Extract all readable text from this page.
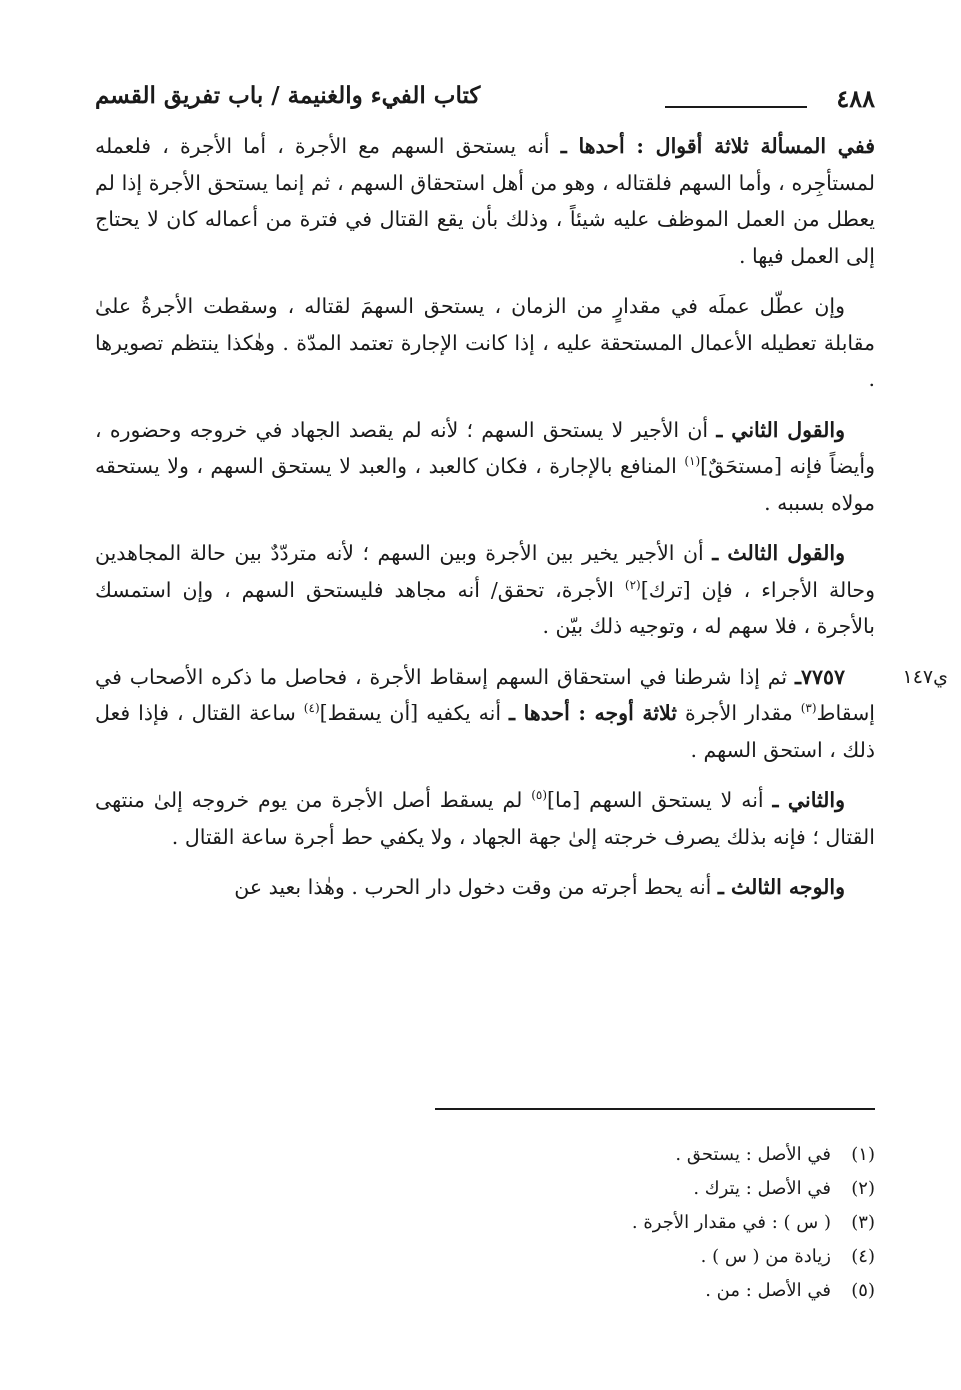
٤٨٨
كتاب الفيء والغنيمة / باب تفريق القسم

ففي المسألة ثلاثة أقوال : أحدها ـ أنه يستحق السهم مع الأجرة ، أما الأجرة ، فلعمله لمستأجِره ، وأما السهم فلقتاله ، وهو من أهل استحقاق السهم ، ثم إنما يستحق الأجرة إذا لم يعطل من العمل الموظف عليه شيئاً ، وذلك بأن يقع القتال في فترة من أعماله كان لا يحتاج إلى العمل فيها .

وإن عطّل عملَه في مقدارٍ من الزمان ، يستحق السهمَ لقتاله ، وسقطت الأجرةُ علىٰ مقابلة تعطيله الأعمال المستحقة عليه ، إذا كانت الإجارة تعتمد المدّة . وهٰكذا ينتظم تصويرها .

والقول الثاني ـ أن الأجير لا يستحق السهم ؛ لأنه لم يقصد الجهاد في خروجه وحضوره ، وأيضاً فإنه [مستحَقٌ]$^{(١)}$ المنافع بالإجارة ، فكان كالعبد ، والعبد لا يستحق السهم ، ولا يستحقه مولاه بسببه .

والقول الثالث ـ أن الأجير يخير بين الأجرة وبين السهم ؛ لأنه متردّدٌ بين حالة المجاهدين وحالة الأجراء ، فإن [ترك]$^{(٢)}$ الأجرة، تحقق/ أنه مجاهد فليستحق السهم ، وإن استمسك بالأجرة ، فلا سهم له ، وتوجيه ذلك بيّن .

٧٧٥٧ـ ثم إذا شرطنا في استحقاق السهم إسقاط الأجرة ، فحاصل ما ذكره الأصحاب في إسقاط$^{(٣)}$ مقدار الأجرة ثلاثة أوجه : أحدها ـ أنه يكفيه [أن يسقط]$^{(٤)}$ ساعة القتال ، فإذا فعل ذلك ، استحق السهم .

والثاني ـ أنه لا يستحق السهم [ما]$^{(٥)}$ لم يسقط أصل الأجرة من يوم خروجه إلىٰ منتهى القتال ؛ فإنه بذلك يصرف خرجته إلىٰ جهة الجهاد ، ولا يكفي حط أجرة ساعة القتال .

والوجه الثالث ـ أنه يحط أجرته من وقت دخول دار الحرب . وهٰذا بعيد عن

ي١٤٧
(١)
في الأصل : يستحق .
(٢)
في الأصل : يترك .
(٣)
( س ) : في مقدار الأجرة .
(٤)
زيادة من ( س ) .
(٥)
في الأصل : من .
